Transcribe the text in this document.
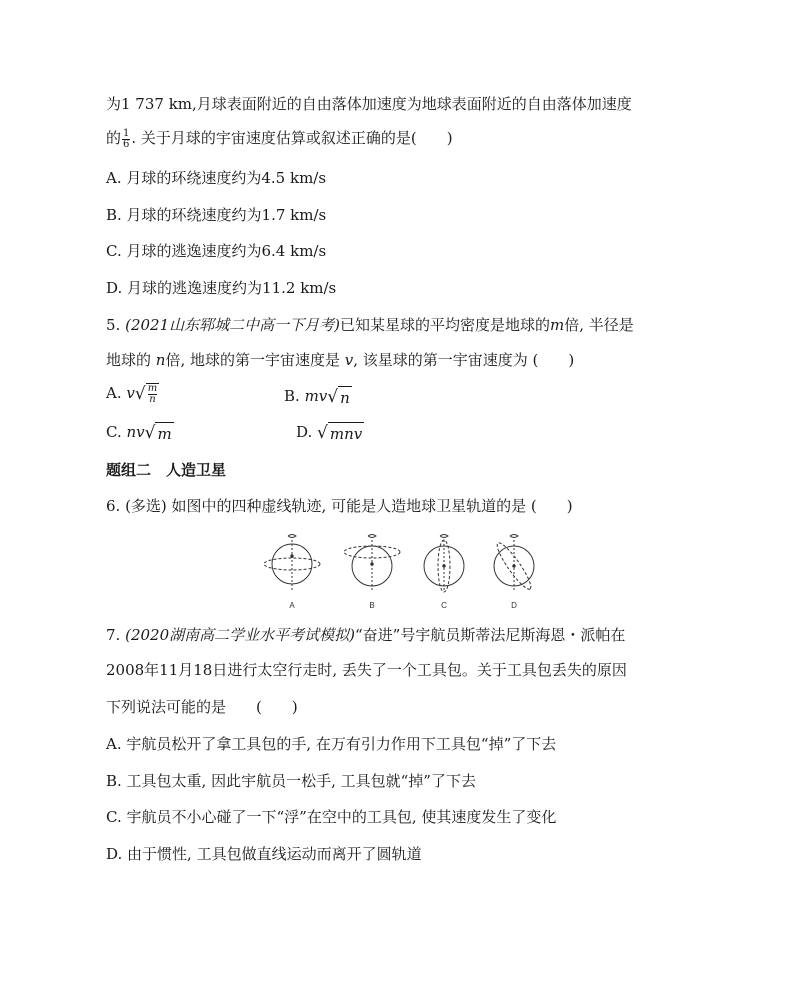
为1 737 km,月球表面附近的自由落体加速度为地球表面附近的自由落体加速度
的 $\frac{1}{6}$ . 关于月球的宇宙速度估算或叙述正确的是(  )
A. 月球的环绕速度约为4.5 km/s
B. 月球的环绕速度约为1.7 km/s
C. 月球的逃逸速度约为6.4 km/s
D. 月球的逃逸速度约为11.2 km/s
5. (2021山东郓城二中高一下月考)已知某星球的平均密度是地球的m倍, 半径是
地球的 n倍, 地球的第一宇宙速度是 v, 该星球的第一宇宙速度为 (  )
A. v √ $\frac{m}{n}$	B. mv √ n
C. nv √ m	D. √ mnv
题组二 人造卫星
6. (多选) 如图中的四种虚线轨迹, 可能是人造地球卫星轨道的是 (  )
A	B	C	D
7. (2020湖南高二学业水平考试模拟)“奋进”号宇航员斯蒂法尼斯海恩・派帕在
2008年11月18日进行太空行走时, 丢失了一个工具包。关于工具包丢失的原因
下列说法可能的是  (  )
A. 宇航员松开了拿工具包的手, 在万有引力作用下工具包“掉”了下去
B. 工具包太重, 因此宇航员一松手, 工具包就“掉”了下去
C. 宇航员不小心碰了一下“浮”在空中的工具包, 使其速度发生了变化
D. 由于惯性, 工具包做直线运动而离开了圆轨道
